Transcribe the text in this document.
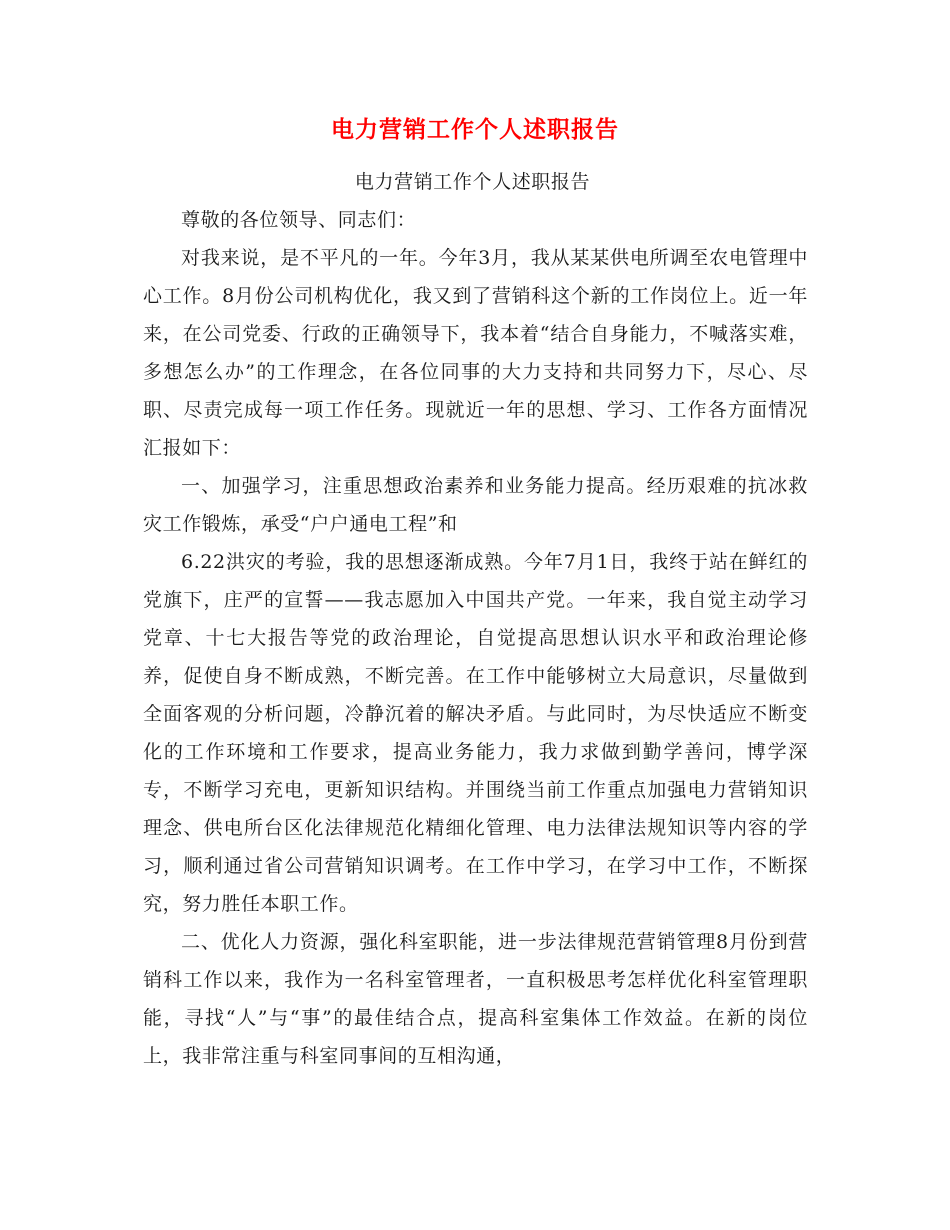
电力营销工作个人述职报告

电力营销工作个人述职报告

尊敬的各位领导、同志们：

对我来说，是不平凡的一年。今年3月，我从某某供电所调至农电管理中心工作。8月份公司机构优化，我又到了营销科这个新的工作岗位上。近一年来，在公司党委、行政的正确领导下，我本着“结合自身能力，不喊落实难，多想怎么办”的工作理念，在各位同事的大力支持和共同努力下，尽心、尽职、尽责完成每一项工作任务。现就近一年的思想、学习、工作各方面情况汇报如下：

一、加强学习，注重思想政治素养和业务能力提高。经历艰难的抗冰救灾工作锻炼，承受“户户通电工程”和

6.22洪灾的考验，我的思想逐渐成熟。今年7月1日，我终于站在鲜红的党旗下，庄严的宣誓——我志愿加入中国共产党。一年来，我自觉主动学习党章、十七大报告等党的政治理论，自觉提高思想认识水平和政治理论修养，促使自身不断成熟，不断完善。在工作中能够树立大局意识，尽量做到全面客观的分析问题，冷静沉着的解决矛盾。与此同时，为尽快适应不断变化的工作环境和工作要求，提高业务能力，我力求做到勤学善问，博学深专，不断学习充电，更新知识结构。并围绕当前工作重点加强电力营销知识理念、供电所台区化法律规范化精细化管理、电力法律法规知识等内容的学习，顺利通过省公司营销知识调考。在工作中学习，在学习中工作，不断探究，努力胜任本职工作。

二、优化人力资源，强化科室职能，进一步法律规范营销管理8月份到营销科工作以来，我作为一名科室管理者，一直积极思考怎样优化科室管理职能，寻找“人”与“事”的最佳结合点，提高科室集体工作效益。在新的岗位上，我非常注重与科室同事间的互相沟通，
